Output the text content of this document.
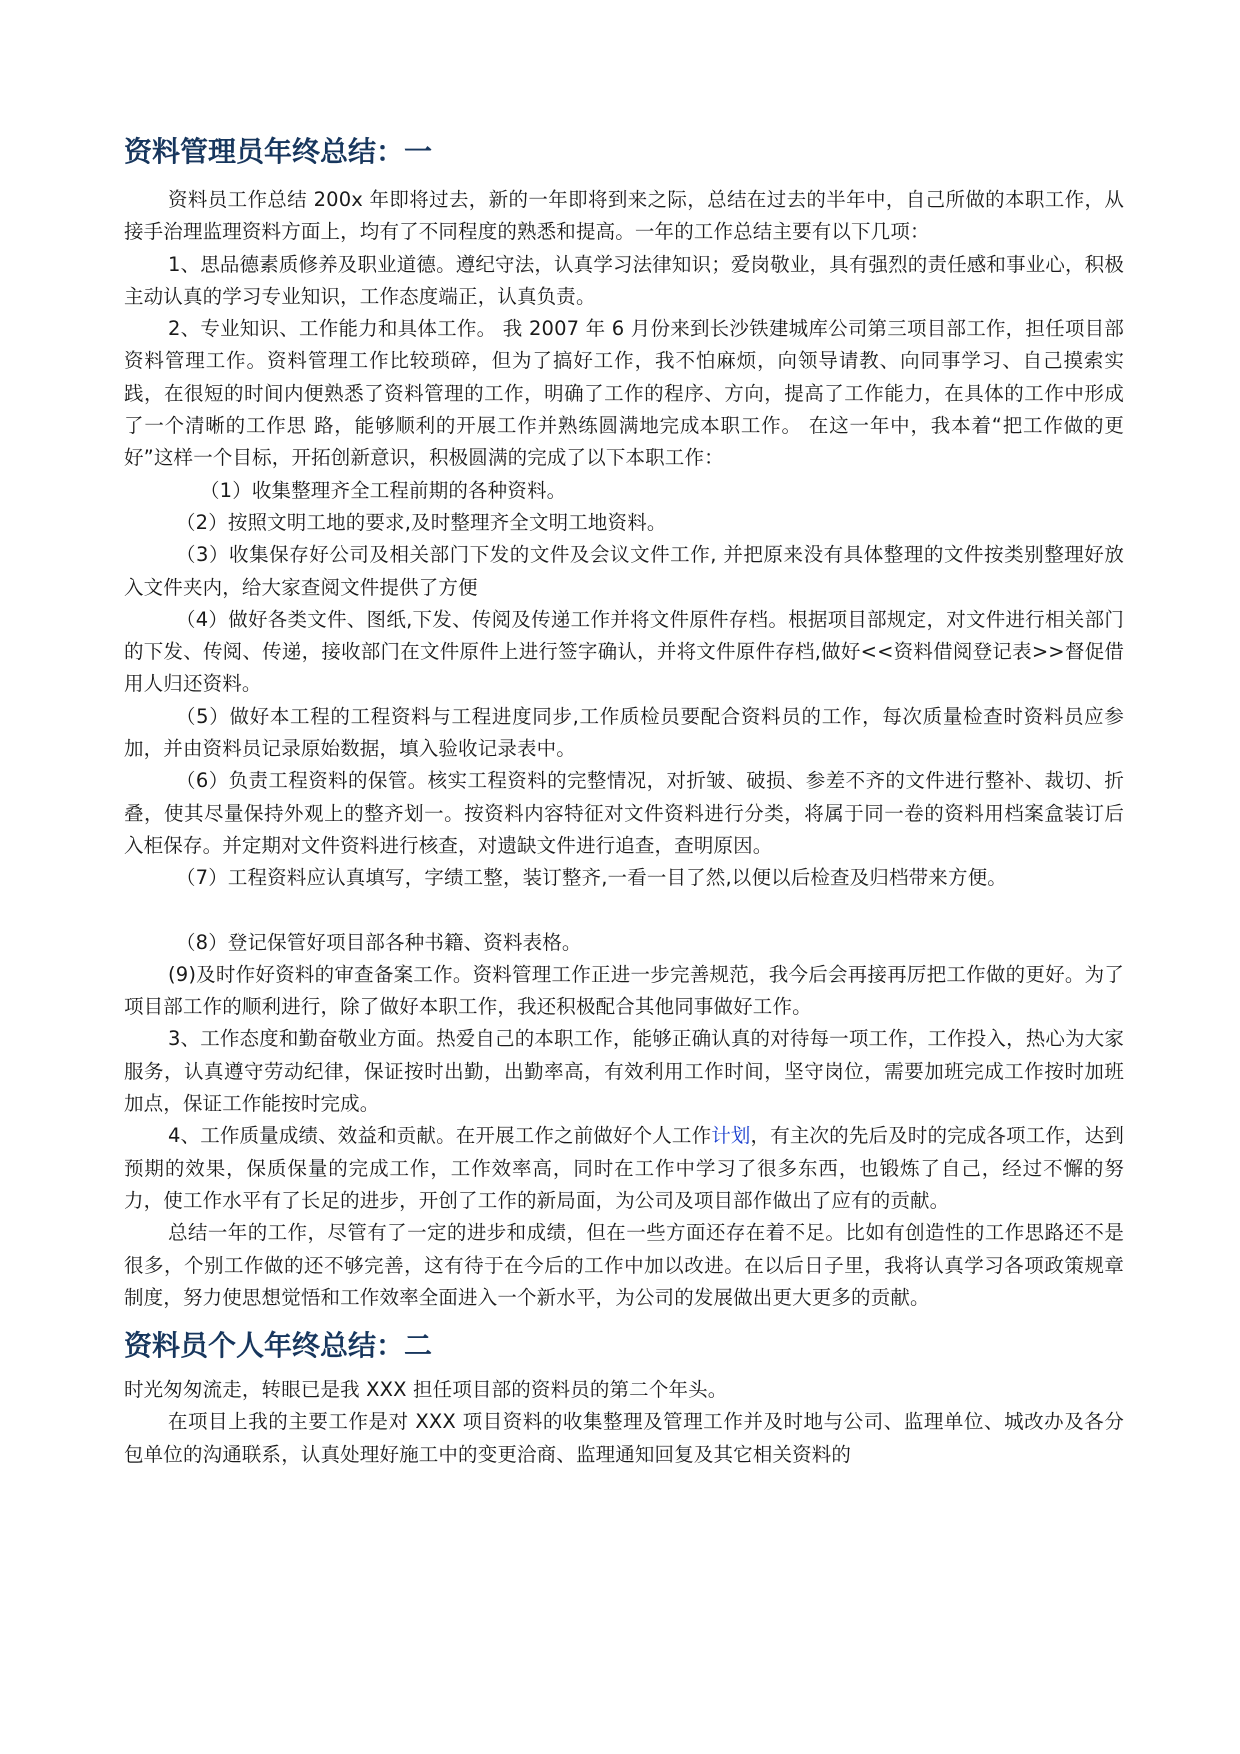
资料管理员年终总结：一

资料员工作总结 200x 年即将过去，新的一年即将到来之际，总结在过去的半年中，自己所做的本职工作，从接手治理监理资料方面上，均有了不同程度的熟悉和提高。一年的工作总结主要有以下几项：

1、思品德素质修养及职业道德。遵纪守法，认真学习法律知识；爱岗敬业，具有强烈的责任感和事业心，积极主动认真的学习专业知识，工作态度端正，认真负责。

2、专业知识、工作能力和具体工作。 我 2007 年 6 月份来到长沙铁建城库公司第三项目部工作，担任项目部资料管理工作。资料管理工作比较琐碎，但为了搞好工作，我不怕麻烦，向领导请教、向同事学习、自己摸索实践，在很短的时间内便熟悉了资料管理的工作，明确了工作的程序、方向，提高了工作能力，在具体的工作中形成了一个清晰的工作思 路，能够顺利的开展工作并熟练圆满地完成本职工作。 在这一年中，我本着“把工作做的更好”这样一个目标，开拓创新意识，积极圆满的完成了以下本职工作：

（1）收集整理齐全工程前期的各种资料。

（2）按照文明工地的要求,及时整理齐全文明工地资料。

（3）收集保存好公司及相关部门下发的文件及会议文件工作, 并把原来没有具体整理的文件按类别整理好放入文件夹内，给大家查阅文件提供了方便

（4）做好各类文件、图纸,下发、传阅及传递工作并将文件原件存档。根据项目部规定，对文件进行相关部门的下发、传阅、传递，接收部门在文件原件上进行签字确认，并将文件原件存档,做好<<资料借阅登记表>>督促借用人归还资料。

（5）做好本工程的工程资料与工程进度同步,工作质检员要配合资料员的工作，每次质量检查时资料员应参加，并由资料员记录原始数据，填入验收记录表中。

（6）负责工程资料的保管。核实工程资料的完整情况，对折皱、破损、参差不齐的文件进行整补、裁切、折叠，使其尽量保持外观上的整齐划一。按资料内容特征对文件资料进行分类，将属于同一卷的资料用档案盒装订后入柜保存。并定期对文件资料进行核查，对遗缺文件进行追查，查明原因。

（7）工程资料应认真填写，字绩工整，装订整齐,一看一目了然,以便以后检查及归档带来方便。

（8）登记保管好项目部各种书籍、资料表格。

(9)及时作好资料的审查备案工作。资料管理工作正进一步完善规范，我今后会再接再厉把工作做的更好。为了项目部工作的顺利进行，除了做好本职工作，我还积极配合其他同事做好工作。

3、工作态度和勤奋敬业方面。热爱自己的本职工作，能够正确认真的对待每一项工作，工作投入，热心为大家服务，认真遵守劳动纪律，保证按时出勤，出勤率高，有效利用工作时间，坚守岗位，需要加班完成工作按时加班加点，保证工作能按时完成。

4、工作质量成绩、效益和贡献。在开展工作之前做好个人工作计划，有主次的先后及时的完成各项工作，达到预期的效果，保质保量的完成工作，工作效率高，同时在工作中学习了很多东西，也锻炼了自己，经过不懈的努力，使工作水平有了长足的进步，开创了工作的新局面，为公司及项目部作做出了应有的贡献。

总结一年的工作，尽管有了一定的进步和成绩，但在一些方面还存在着不足。比如有创造性的工作思路还不是很多，个别工作做的还不够完善，这有待于在今后的工作中加以改进。在以后日子里，我将认真学习各项政策规章制度，努力使思想觉悟和工作效率全面进入一个新水平，为公司的发展做出更大更多的贡献。

资料员个人年终总结：二

时光匆匆流走，转眼已是我 XXX 担任项目部的资料员的第二个年头。

在项目上我的主要工作是对 XXX 项目资料的收集整理及管理工作并及时地与公司、监理单位、城改办及各分包单位的沟通联系，认真处理好施工中的变更洽商、监理通知回复及其它相关资料的
